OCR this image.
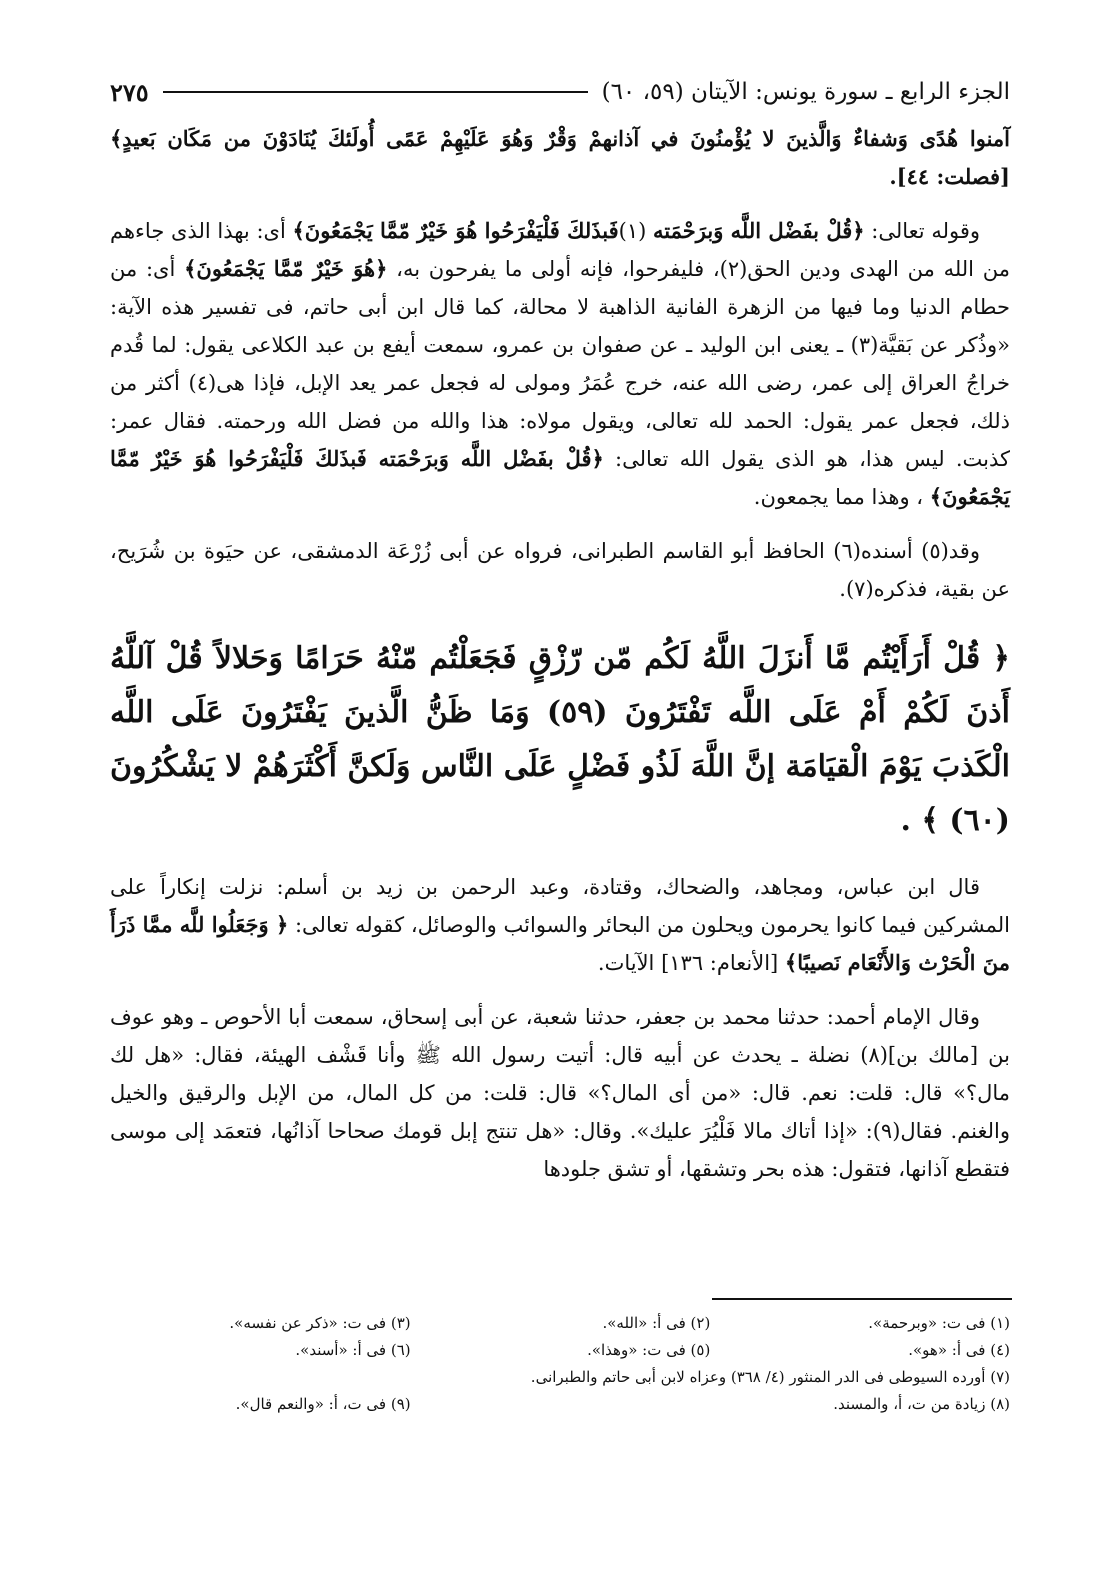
الجزء الرابع ـ سورة يونس: الآيتان (٥٩، ٦٠)
٢٧٥

آمنوا هُدًى وَشفاءٌ وَالَّذينَ لا يُؤْمنُونَ في آذانهمْ وَقْرٌ وَهُوَ عَلَيْهِمْ عَمًى أُولَئكَ يُنَادَوْنَ من مَكَان بَعيدٍ﴾ [فصلت: ٤٤].

وقوله تعالى: ﴿قُلْ بفَضْل اللَّه وَبرَحْمَته (١)فَبذَلكَ فَلْيَفْرَحُوا هُوَ خَيْرٌ مّمَّا يَجْمَعُونَ﴾ أى: بهذا الذى جاءهم من الله من الهدى ودين الحق(٢)، فليفرحوا، فإنه أولى ما يفرحون به، ﴿هُوَ خَيْرٌ مّمَّا يَجْمَعُونَ﴾ أى: من حطام الدنيا وما فيها من الزهرة الفانية الذاهبة لا محالة، كما قال ابن أبى حاتم، فى تفسير هذه الآية: «وذُكر عن بَقيَّة(٣) ـ يعنى ابن الوليد ـ عن صفوان بن عمرو، سمعت أيفع بن عبد الكلاعى يقول: لما قُدم خراجُ العراق إلى عمر، رضى الله عنه، خرج عُمَرُ ومولى له فجعل عمر يعد الإبل، فإذا هى(٤) أكثر من ذلك، فجعل عمر يقول: الحمد لله تعالى، ويقول مولاه: هذا والله من فضل الله ورحمته. فقال عمر: كذبت. ليس هذا، هو الذى يقول الله تعالى: ﴿قُلْ بفَضْل اللَّه وَبرَحْمَته فَبذَلكَ فَلْيَفْرَحُوا هُوَ خَيْرٌ مّمَّا يَجْمَعُونَ﴾ ، وهذا مما يجمعون.

وقد(٥) أسنده(٦) الحافظ أبو القاسم الطبرانى، فرواه عن أبى زُرْعَة الدمشقى، عن حيَوة بن شُرَيح، عن بقية، فذكره(٧).

﴿ قُلْ أَرَأَيْتُم مَّا أَنزَلَ اللَّهُ لَكُم مّن رّزْقٍ فَجَعَلْتُم مّنْهُ حَرَامًا وَحَلالاً قُلْ آللَّهُ أَذنَ لَكُمْ أَمْ عَلَى اللَّه تَفْتَرُونَ (٥٩) وَمَا ظَنُّ الَّذينَ يَفْتَرُونَ عَلَى اللَّه الْكَذبَ يَوْمَ الْقيَامَة إنَّ اللَّهَ لَذُو فَضْلٍ عَلَى النَّاس وَلَكنَّ أَكْثَرَهُمْ لا يَشْكُرُونَ (٦٠) ﴾ .

قال ابن عباس، ومجاهد، والضحاك، وقتادة، وعبد الرحمن بن زيد بن أسلم: نزلت إنكاراً على المشركين فيما كانوا يحرمون ويحلون من البحائر والسوائب والوصائل، كقوله تعالى: ﴿ وَجَعَلُوا للَّه ممَّا ذَرَأَ منَ الْحَرْث وَالأَنْعَام نَصيبًا﴾ [الأنعام: ١٣٦] الآيات.

وقال الإمام أحمد: حدثنا محمد بن جعفر، حدثنا شعبة، عن أبى إسحاق، سمعت أبا الأحوص ـ وهو عوف بن [مالك بن](٨) نضلة ـ يحدث عن أبيه قال: أتيت رسول الله ﷺ وأنا قَشْف الهيئة، فقال: «هل لك مال؟» قال: قلت: نعم. قال: «من أى المال؟» قال: قلت: من كل المال، من الإبل والرقيق والخيل والغنم. فقال(٩): «إذا أتاك مالا فَلْيُرَ عليك». وقال: «هل تنتج إبل قومك صحاحا آذانُها، فتعمَد إلى موسى فتقطع آذانها، فتقول: هذه بحر وتشقها، أو تشق جلودها

(١) فى ت: «وبرحمة».
(٢) فى أ: «الله».
(٣) فى ت: «ذكر عن نفسه».
(٤) فى أ: «هو».
(٥) فى ت: «وهذا».
(٦) فى أ: «أسند».
(٧) أورده السيوطى فى الدر المنثور (٤/ ٣٦٨) وعزاه لابن أبى حاتم والطبرانى.
(٨) زيادة من ت، أ، والمسند.
(٩) فى ت، أ: «والنعم قال».
